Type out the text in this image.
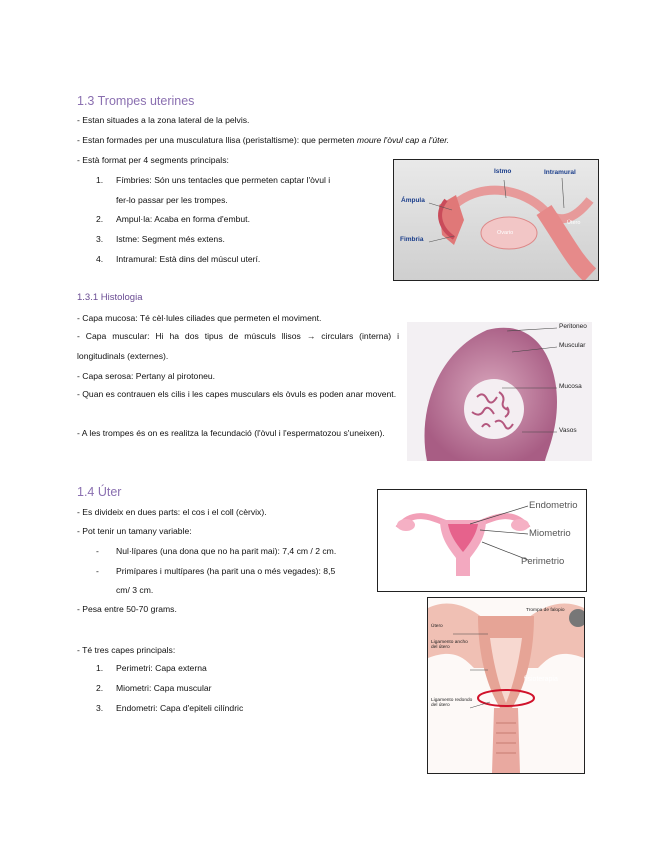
1.3 Trompes uterines
- Estan situades a la zona lateral de la pelvis.
- Estan formades per una musculatura llisa (peristaltisme): que permeten moure l'òvul cap a l'úter.
- Està format per 4 segments principals:
1. Fímbries: Són uns tentacles que permeten captar l'òvul i
fer-lo passar per les trompes.
2. Ampul·la: Acaba en forma d'embut.
3. Istme: Segment més extens.
4. Intramural: Està dins del múscul uterí.
Istmo	Intramural
Ámpula
Fimbria
Ovario
Útero
1.3.1 Histologia
- Capa mucosa: Té cèl·lules ciliades que permeten el moviment.
- Capa muscular: Hi ha dos tipus de músculs llisos → circulars (interna) i longitudinals (externes).
- Capa serosa: Pertany al pirotoneu.
- Quan es contrauen els cilis i les capes musculars els òvuls es poden anar movent.
- A les trompes és on es realitza la fecundació (l'òvul i l'espermatozou s'uneixen).
Peritoneo
Muscular
Mucosa
Vasos
1.4 Úter
- Es divideix en dues parts: el cos i el coll (cèrvix).
- Pot tenir un tamany variable:
- Nul·lípares (una dona que no ha parit mai): 7,4 cm / 2 cm.
- Primípares i multípares (ha parit una o més vegades): 8,5
cm/ 3 cm.
- Pesa entre 50-70 grams.
- Té tres capes principals:
1. Perimetri: Capa externa
2. Miometri: Capa muscular
3. Endometri: Capa d'epiteli cilíndric
Endometrio
Miometrio
Perimetrio
Trompa de falopio
Útero
Ligamento ancho del útero
fisioterapia
Ligamento redondo del útero
